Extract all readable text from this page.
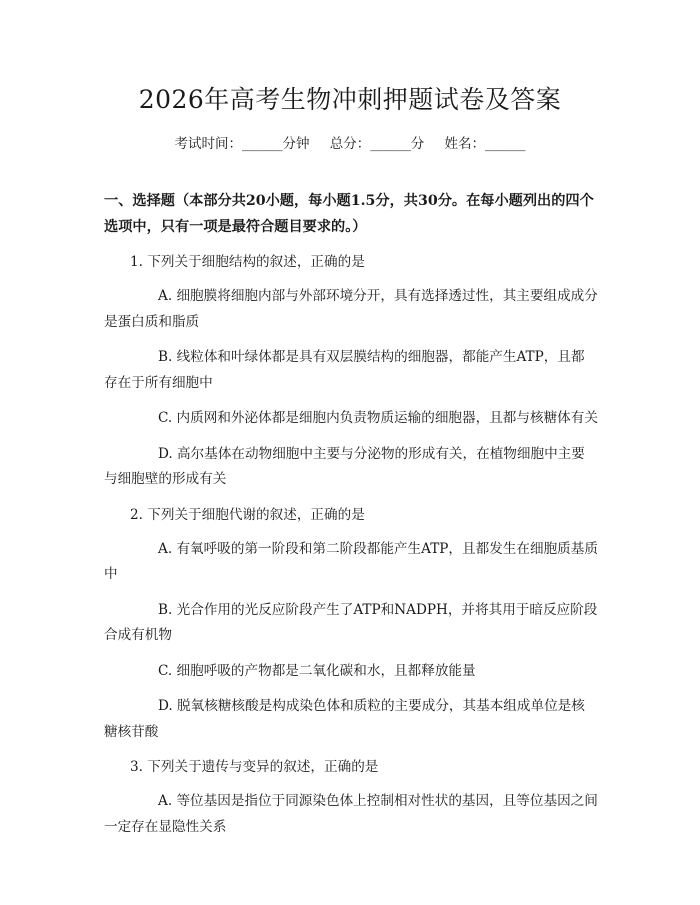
2026年高考生物冲刺押题试卷及答案
考试时间：______分钟 总分：______分 姓名：______
一、选择题（本部分共20小题，每小题1.5分，共30分。在每小题列出的四个选项中，只有一项是最符合题目要求的。）
1. 下列关于细胞结构的叙述，正确的是
A. 细胞膜将细胞内部与外部环境分开，具有选择透过性，其主要组成成分是蛋白质和脂质
B. 线粒体和叶绿体都是具有双层膜结构的细胞器，都能产生ATP，且都存在于所有细胞中
C. 内质网和外泌体都是细胞内负责物质运输的细胞器，且都与核糖体有关
D. 高尔基体在动物细胞中主要与分泌物的形成有关，在植物细胞中主要与细胞壁的形成有关
2. 下列关于细胞代谢的叙述，正确的是
A. 有氧呼吸的第一阶段和第二阶段都能产生ATP，且都发生在细胞质基质中
B. 光合作用的光反应阶段产生了ATP和NADPH，并将其用于暗反应阶段合成有机物
C. 细胞呼吸的产物都是二氧化碳和水，且都释放能量
D. 脱氧核糖核酸是构成染色体和质粒的主要成分，其基本组成单位是核糖核苷酸
3. 下列关于遗传与变异的叙述，正确的是
A. 等位基因是指位于同源染色体上控制相对性状的基因，且等位基因之间一定存在显隐性关系
